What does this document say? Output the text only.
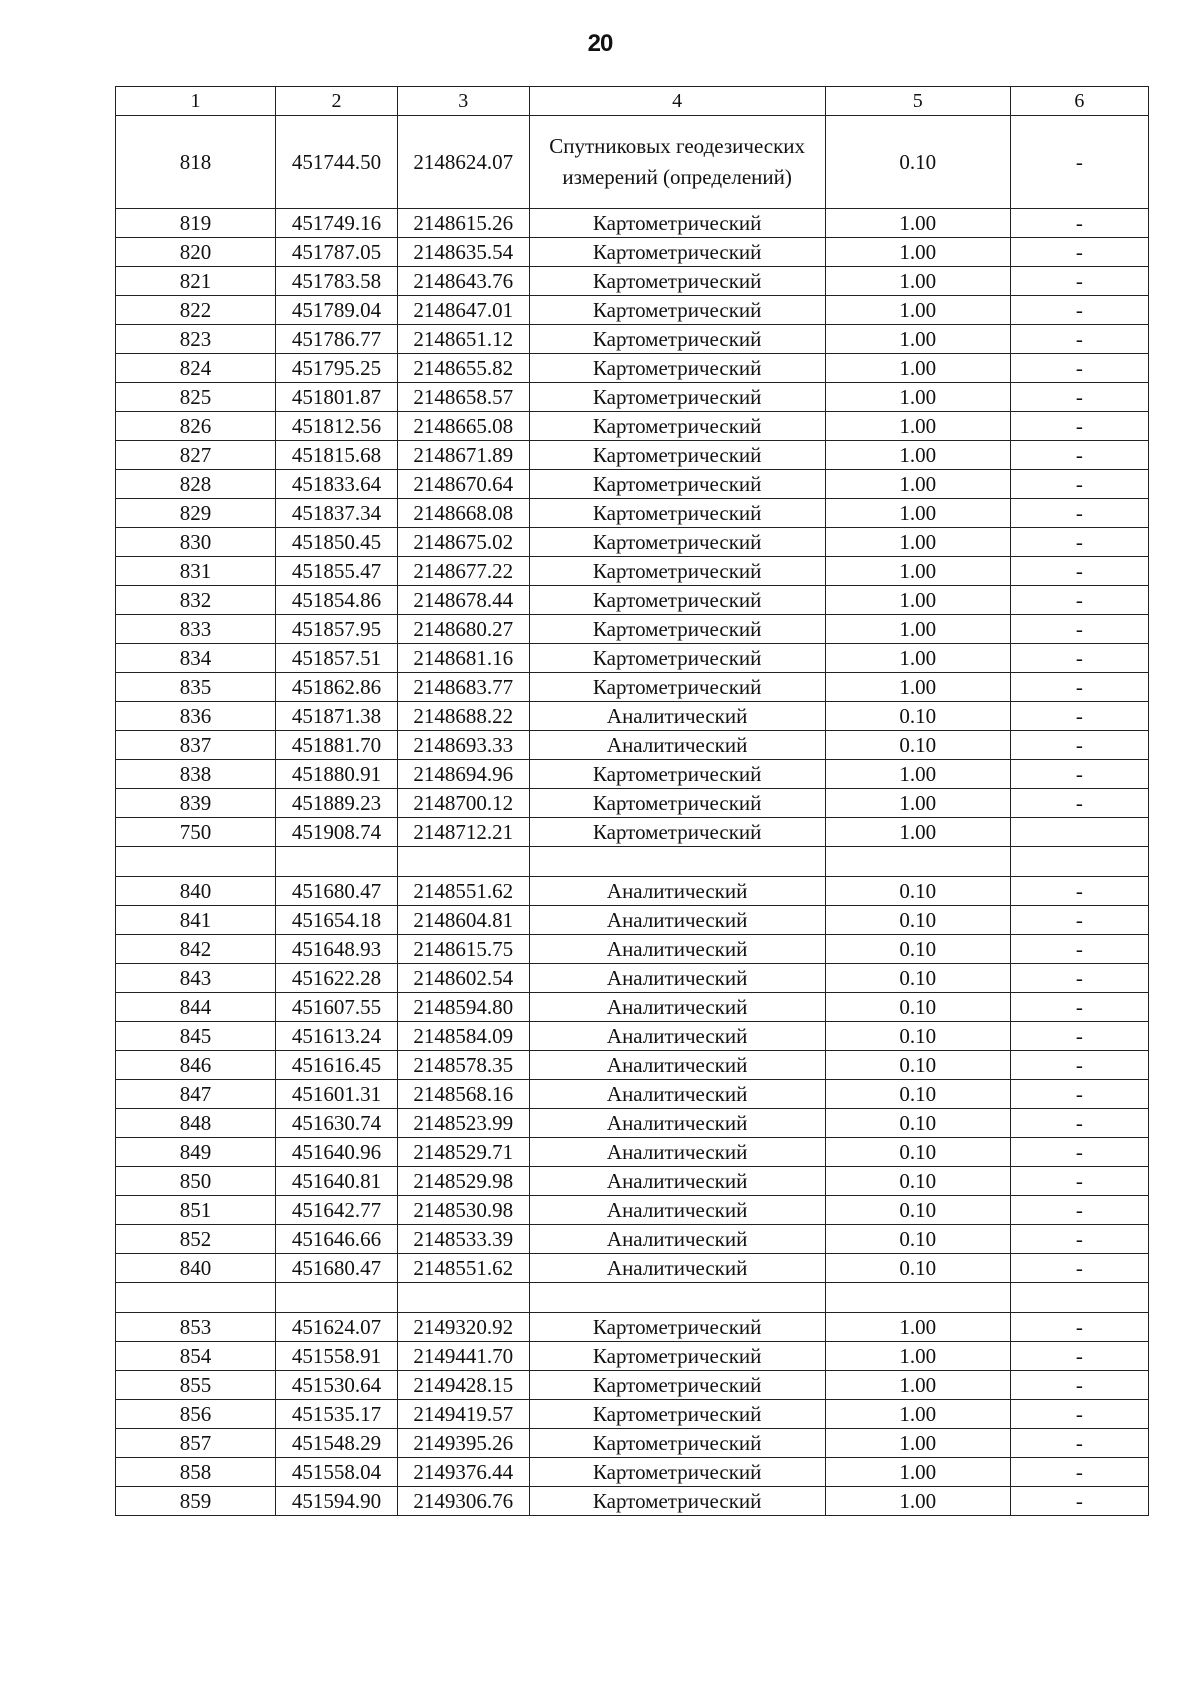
20
1	2	3	4	5	6
818	451744.50	2148624.07	Спутниковых геодезических измерений (определений)	0.10	-
819	451749.16	2148615.26	Картометрический	1.00	-
820	451787.05	2148635.54	Картометрический	1.00	-
821	451783.58	2148643.76	Картометрический	1.00	-
822	451789.04	2148647.01	Картометрический	1.00	-
823	451786.77	2148651.12	Картометрический	1.00	-
824	451795.25	2148655.82	Картометрический	1.00	-
825	451801.87	2148658.57	Картометрический	1.00	-
826	451812.56	2148665.08	Картометрический	1.00	-
827	451815.68	2148671.89	Картометрический	1.00	-
828	451833.64	2148670.64	Картометрический	1.00	-
829	451837.34	2148668.08	Картометрический	1.00	-
830	451850.45	2148675.02	Картометрический	1.00	-
831	451855.47	2148677.22	Картометрический	1.00	-
832	451854.86	2148678.44	Картометрический	1.00	-
833	451857.95	2148680.27	Картометрический	1.00	-
834	451857.51	2148681.16	Картометрический	1.00	-
835	451862.86	2148683.77	Картометрический	1.00	-
836	451871.38	2148688.22	Аналитический	0.10	-
837	451881.70	2148693.33	Аналитический	0.10	-
838	451880.91	2148694.96	Картометрический	1.00	-
839	451889.23	2148700.12	Картометрический	1.00	-
750	451908.74	2148712.21	Картометрический	1.00	

840	451680.47	2148551.62	Аналитический	0.10	-
841	451654.18	2148604.81	Аналитический	0.10	-
842	451648.93	2148615.75	Аналитический	0.10	-
843	451622.28	2148602.54	Аналитический	0.10	-
844	451607.55	2148594.80	Аналитический	0.10	-
845	451613.24	2148584.09	Аналитический	0.10	-
846	451616.45	2148578.35	Аналитический	0.10	-
847	451601.31	2148568.16	Аналитический	0.10	-
848	451630.74	2148523.99	Аналитический	0.10	-
849	451640.96	2148529.71	Аналитический	0.10	-
850	451640.81	2148529.98	Аналитический	0.10	-
851	451642.77	2148530.98	Аналитический	0.10	-
852	451646.66	2148533.39	Аналитический	0.10	-
840	451680.47	2148551.62	Аналитический	0.10	-

853	451624.07	2149320.92	Картометрический	1.00	-
854	451558.91	2149441.70	Картометрический	1.00	-
855	451530.64	2149428.15	Картометрический	1.00	-
856	451535.17	2149419.57	Картометрический	1.00	-
857	451548.29	2149395.26	Картометрический	1.00	-
858	451558.04	2149376.44	Картометрический	1.00	-
859	451594.90	2149306.76	Картометрический	1.00	-
